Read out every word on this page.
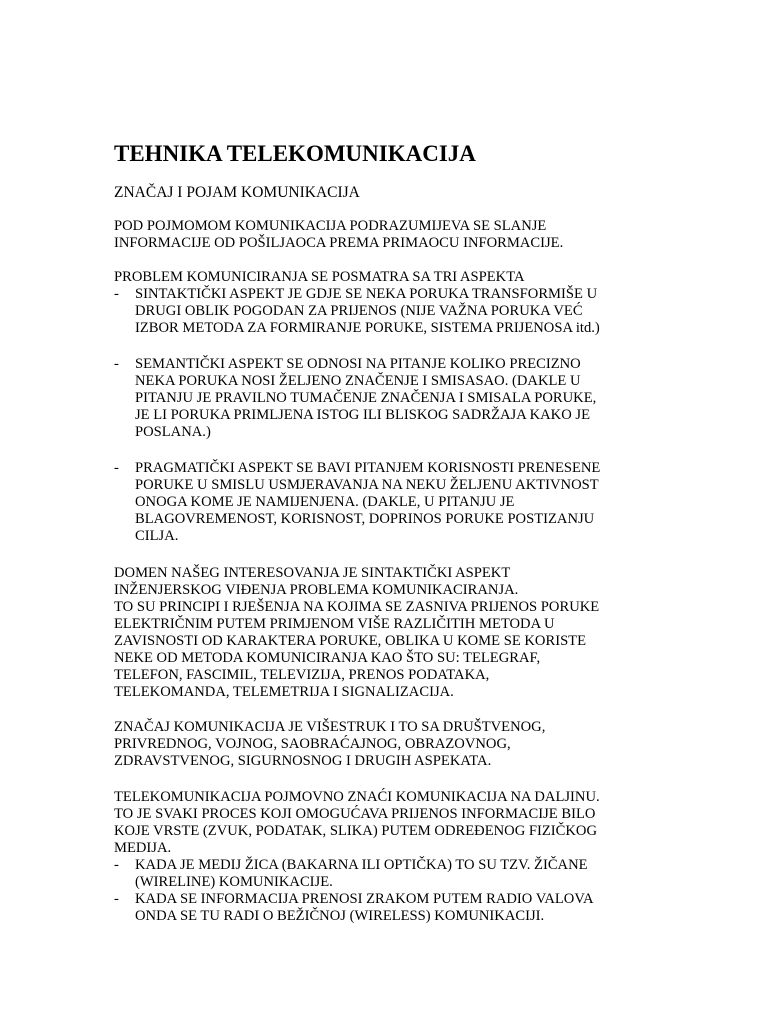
TEHNIKA TELEKOMUNIKACIJA
ZNAČAJ I POJAM KOMUNIKACIJA
POD POJMOMOM KOMUNIKACIJA PODRAZUMIJEVA SE SLANJE
INFORMACIJE OD POŠILJAOCA PREMA PRIMAOCU INFORMACIJE.
PROBLEM KOMUNICIRANJA SE POSMATRA SA TRI ASPEKTA
- SINTAKTIČKI ASPEKT JE GDJE SE NEKA PORUKA TRANSFORMIŠE U
DRUGI OBLIK POGODAN ZA PRIJENOS (NIJE VAŽNA PORUKA VEĆ
IZBOR METODA ZA FORMIRANJE PORUKE, SISTEMA PRIJENOSA itd.)
- SEMANTIČKI ASPEKT SE ODNOSI NA PITANJE KOLIKO PRECIZNO
NEKA PORUKA NOSI ŽELJENO ZNAČENJE I SMISASAO. (DAKLE U
PITANJU JE PRAVILNO TUMAČENJE ZNAČENJA I SMISALA PORUKE,
JE LI PORUKA PRIMLJENA ISTOG ILI BLISKOG SADRŽAJA KAKO JE
POSLANA.)
- PRAGMATIČKI ASPEKT SE BAVI PITANJEM KORISNOSTI PRENESENE
PORUKE U SMISLU USMJERAVANJA NA NEKU ŽELJENU AKTIVNOST
ONOGA KOME JE NAMIJENJENA. (DAKLE, U PITANJU JE
BLAGOVREMENOST, KORISNOST, DOPRINOS PORUKE POSTIZANJU
CILJA.
DOMEN NAŠEG INTERESOVANJA JE SINTAKTIČKI ASPEKT
INŽENJERSKOG VIĐENJA PROBLEMA KOMUNIKACIRANJA.
TO SU PRINCIPI I RJEŠENJA NA KOJIMA SE ZASNIVA PRIJENOS PORUKE
ELEKTRIČNIM PUTEM PRIMJENOM VIŠE RAZLIČITIH METODA U
ZAVISNOSTI OD KARAKTERA PORUKE, OBLIKA U KOME SE KORISTE
NEKE OD METODA KOMUNICIRANJA KAO ŠTO SU: TELEGRAF,
TELEFON, FASCIMIL, TELEVIZIJA, PRENOS PODATAKA,
TELEKOMANDA, TELEMETRIJA I SIGNALIZACIJA.
ZNAČAJ KOMUNIKACIJA JE VIŠESTRUK I TO SA DRUŠTVENOG,
PRIVREDNOG, VOJNOG, SAOBRAĆAJNOG, OBRAZOVNOG,
ZDRAVSTVENOG, SIGURNOSNOG I DRUGIH ASPEKATA.
TELEKOMUNIKACIJA POJMOVNO ZNAĆI KOMUNIKACIJA NA DALJINU.
TO JE SVAKI PROCES KOJI OMOGUĆAVA PRIJENOS INFORMACIJE BILO
KOJE VRSTE (ZVUK, PODATAK, SLIKA) PUTEM ODREĐENOG FIZIČKOG
MEDIJA.
- KADA JE MEDIJ ŽICA (BAKARNA ILI OPTIČKA) TO SU TZV. ŽIČANE
(WIRELINE) KOMUNIKACIJE.
- KADA SE INFORMACIJA PRENOSI ZRAKOM PUTEM RADIO VALOVA
ONDA SE TU RADI O BEŽIČNOJ (WIRELESS) KOMUNIKACIJI.
